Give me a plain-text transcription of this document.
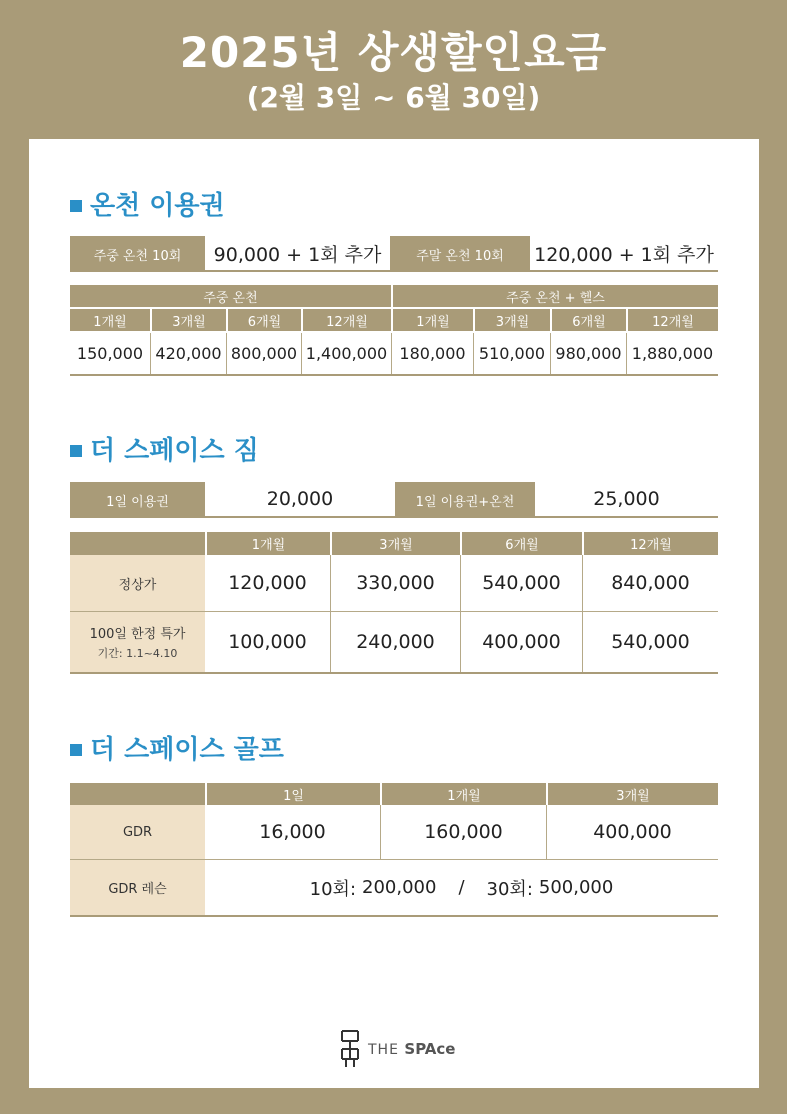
2025년 상생할인요금
(2월 3일 ~ 6월 30일)
온천 이용권
주중 온천 10회	90,000 + 1회 추가	주말 온천 10회	120,000 + 1회 추가
주중 온천	주중 온천 + 헬스
1개월	3개월	6개월	12개월	1개월	3개월	6개월	12개월
150,000 420,000 800,000 1,400,000 180,000 510,000 980,000 1,880,000
더 스페이스 짐
1일 이용권	20,000	1일 이용권+온천	25,000
1개월	3개월	6개월	12개월
정상가	120,000	330,000	540,000	840,000
100일 한정 특가
기간: 1.1~4.10
100,000	240,000	400,000	540,000
더 스페이스 골프
1일	1개월	3개월
GDR	16,000	160,000	400,000
GDR 레슨	10회: 200,000 / 30회: 500,000
THE SPAce
